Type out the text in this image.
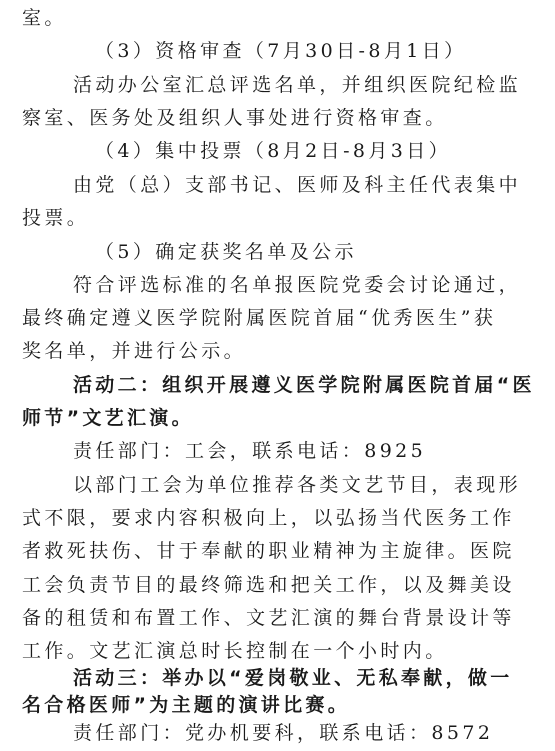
室。
（3）资格审查（7月30日-8月1日）
活动办公室汇总评选名单，并组织医院纪检监
察室、医务处及组织人事处进行资格审查。
（4）集中投票（8月2日-8月3日）
由党（总）支部书记、医师及科主任代表集中
投票。
（5）确定获奖名单及公示
符合评选标准的名单报医院党委会讨论通过，
最终确定遵义医学院附属医院首届“优秀医生”获
奖名单，并进行公示。
活动二：组织开展遵义医学院附属医院首届“医
师节”文艺汇演。
责任部门：工会，联系电话：8925
以部门工会为单位推荐各类文艺节目，表现形
式不限，要求内容积极向上，以弘扬当代医务工作
者救死扶伤、甘于奉献的职业精神为主旋律。医院
工会负责节目的最终筛选和把关工作，以及舞美设
备的租赁和布置工作、文艺汇演的舞台背景设计等
工作。文艺汇演总时长控制在一个小时内。
活动三：举办以“爱岗敬业、无私奉献，做一
名合格医师”为主题的演讲比赛。
责任部门：党办机要科，联系电话：8572
